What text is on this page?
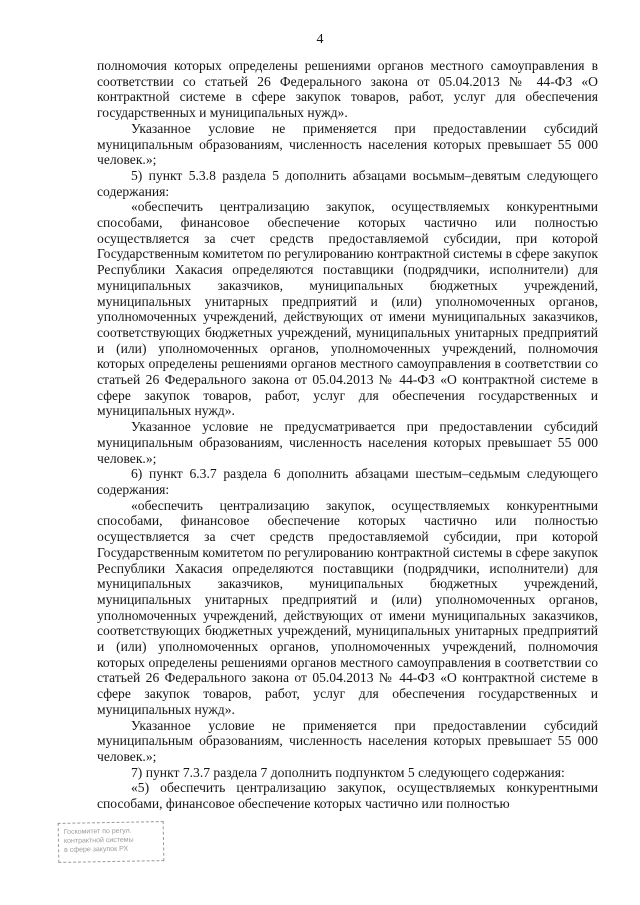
4

полномочия которых определены решениями органов местного самоуправления в соответствии со статьей 26 Федерального закона от 05.04.2013 № 44-ФЗ «О контрактной системе в сфере закупок товаров, работ, услуг для обеспечения государственных и муниципальных нужд».

Указанное условие не применяется при предоставлении субсидий муниципальным образованиям, численность населения которых превышает 55 000 человек.»;

5) пункт 5.3.8 раздела 5 дополнить абзацами восьмым–девятым следующего содержания:

«обеспечить централизацию закупок, осуществляемых конкурентными способами, финансовое обеспечение которых частично или полностью осуществляется за счет средств предоставляемой субсидии, при которой Государственным комитетом по регулированию контрактной системы в сфере закупок Республики Хакасия определяются поставщики (подрядчики, исполнители) для муниципальных заказчиков, муниципальных бюджетных учреждений, муниципальных унитарных предприятий и (или) уполномоченных органов, уполномоченных учреждений, действующих от имени муниципальных заказчиков, соответствующих бюджетных учреждений, муниципальных унитарных предприятий и (или) уполномоченных органов, уполномоченных учреждений, полномочия которых определены решениями органов местного самоуправления в соответствии со статьей 26 Федерального закона от 05.04.2013 № 44-ФЗ «О контрактной системе в сфере закупок товаров, работ, услуг для обеспечения государственных и муниципальных нужд».

Указанное условие не предусматривается при предоставлении субсидий муниципальным образованиям, численность населения которых превышает 55 000 человек.»;

6) пункт 6.3.7 раздела 6 дополнить абзацами шестым–седьмым следующего содержания:

«обеспечить централизацию закупок, осуществляемых конкурентными способами, финансовое обеспечение которых частично или полностью осуществляется за счет средств предоставляемой субсидии, при которой Государственным комитетом по регулированию контрактной системы в сфере закупок Республики Хакасия определяются поставщики (подрядчики, исполнители) для муниципальных заказчиков, муниципальных бюджетных учреждений, муниципальных унитарных предприятий и (или) уполномоченных органов, уполномоченных учреждений, действующих от имени муниципальных заказчиков, соответствующих бюджетных учреждений, муниципальных унитарных предприятий и (или) уполномоченных органов, уполномоченных учреждений, полномочия которых определены решениями органов местного самоуправления в соответствии со статьей 26 Федерального закона от 05.04.2013 № 44-ФЗ «О контрактной системе в сфере закупок товаров, работ, услуг для обеспечения государственных и муниципальных нужд».

Указанное условие не применяется при предоставлении субсидий муниципальным образованиям, численность населения которых превышает 55 000 человек.»;

7) пункт 7.3.7 раздела 7 дополнить подпунктом 5 следующего содержания:

«5) обеспечить централизацию закупок, осуществляемых конкурентными способами, финансовое обеспечение которых частично или полностью

Госкомитет по регул.
контрактной системы
в сфере закупок РХ
